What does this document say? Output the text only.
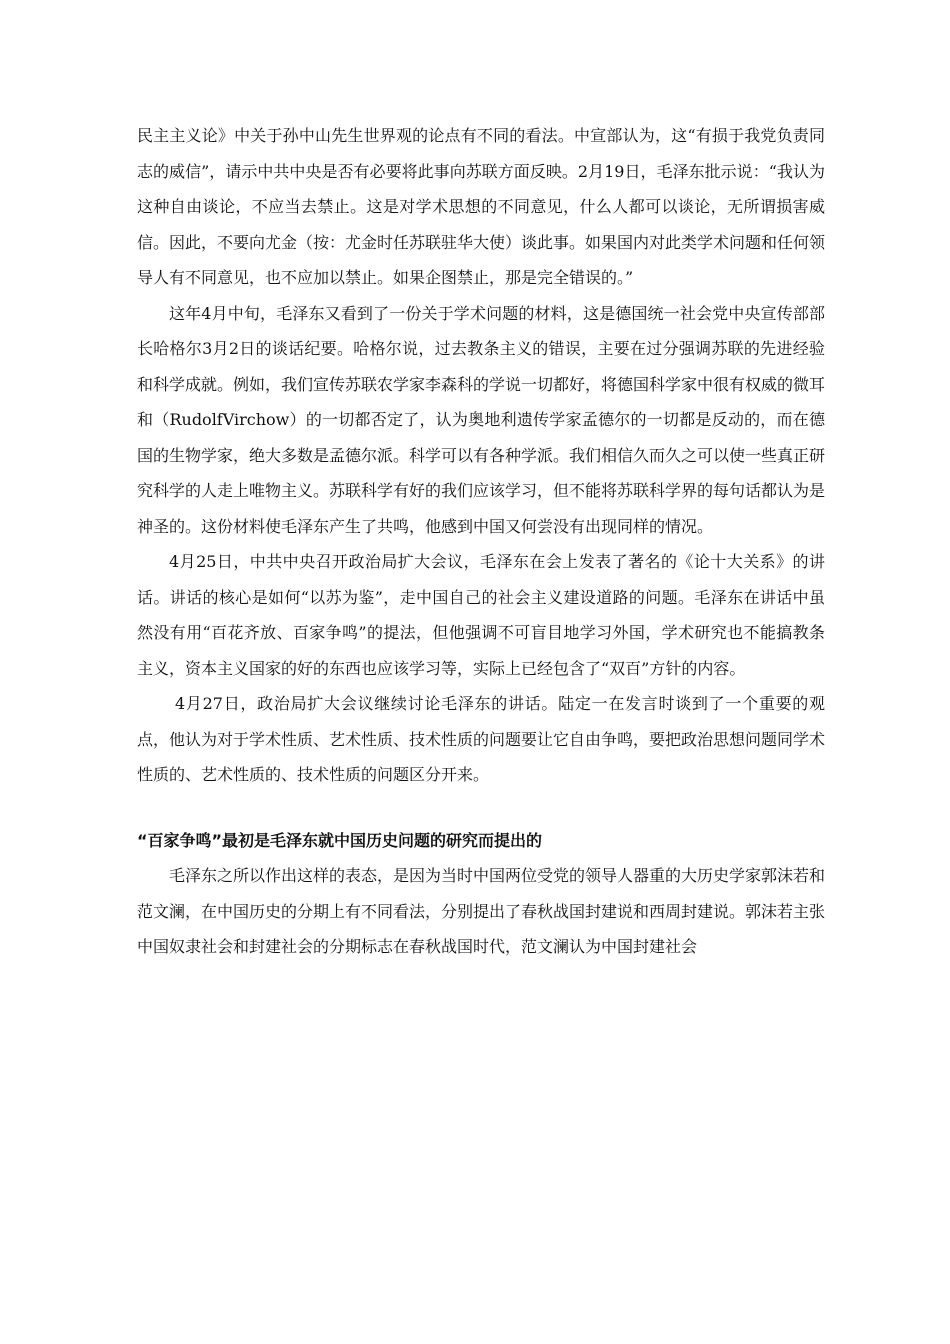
民主主义论》中关于孙中山先生世界观的论点有不同的看法。中宣部认为，这“有损于我党负责同志的威信”，请示中共中央是否有必要将此事向苏联方面反映。2月19日，毛泽东批示说：“我认为这种自由谈论，不应当去禁止。这是对学术思想的不同意见，什么人都可以谈论，无所谓损害威信。因此，不要向尤金（按：尤金时任苏联驻华大使）谈此事。如果国内对此类学术问题和任何领导人有不同意见，也不应加以禁止。如果企图禁止，那是完全错误的。”

这年4月中旬，毛泽东又看到了一份关于学术问题的材料，这是德国统一社会党中央宣传部部长哈格尔3月2日的谈话纪要。哈格尔说，过去教条主义的错误，主要在过分强调苏联的先进经验和科学成就。例如，我们宣传苏联农学家李森科的学说一切都好，将德国科学家中很有权威的微耳和（RudolfVirchow）的一切都否定了，认为奥地利遗传学家孟德尔的一切都是反动的，而在德国的生物学家，绝大多数是孟德尔派。科学可以有各种学派。我们相信久而久之可以使一些真正研究科学的人走上唯物主义。苏联科学有好的我们应该学习，但不能将苏联科学界的每句话都认为是神圣的。这份材料使毛泽东产生了共鸣，他感到中国又何尝没有出现同样的情况。

4月25日，中共中央召开政治局扩大会议，毛泽东在会上发表了著名的《论十大关系》的讲话。讲话的核心是如何“以苏为鉴”，走中国自己的社会主义建设道路的问题。毛泽东在讲话中虽然没有用“百花齐放、百家争鸣”的提法，但他强调不可盲目地学习外国，学术研究也不能搞教条主义，资本主义国家的好的东西也应该学习等，实际上已经包含了“双百”方针的内容。

4月27日，政治局扩大会议继续讨论毛泽东的讲话。陆定一在发言时谈到了一个重要的观点，他认为对于学术性质、艺术性质、技术性质的问题要让它自由争鸣，要把政治思想问题同学术性质的、艺术性质的、技术性质的问题区分开来。

“百家争鸣”最初是毛泽东就中国历史问题的研究而提出的

毛泽东之所以作出这样的表态，是因为当时中国两位受党的领导人器重的大历史学家郭沫若和范文澜，在中国历史的分期上有不同看法，分别提出了春秋战国封建说和西周封建说。郭沫若主张中国奴隶社会和封建社会的分期标志在春秋战国时代，范文澜认为中国封建社会
